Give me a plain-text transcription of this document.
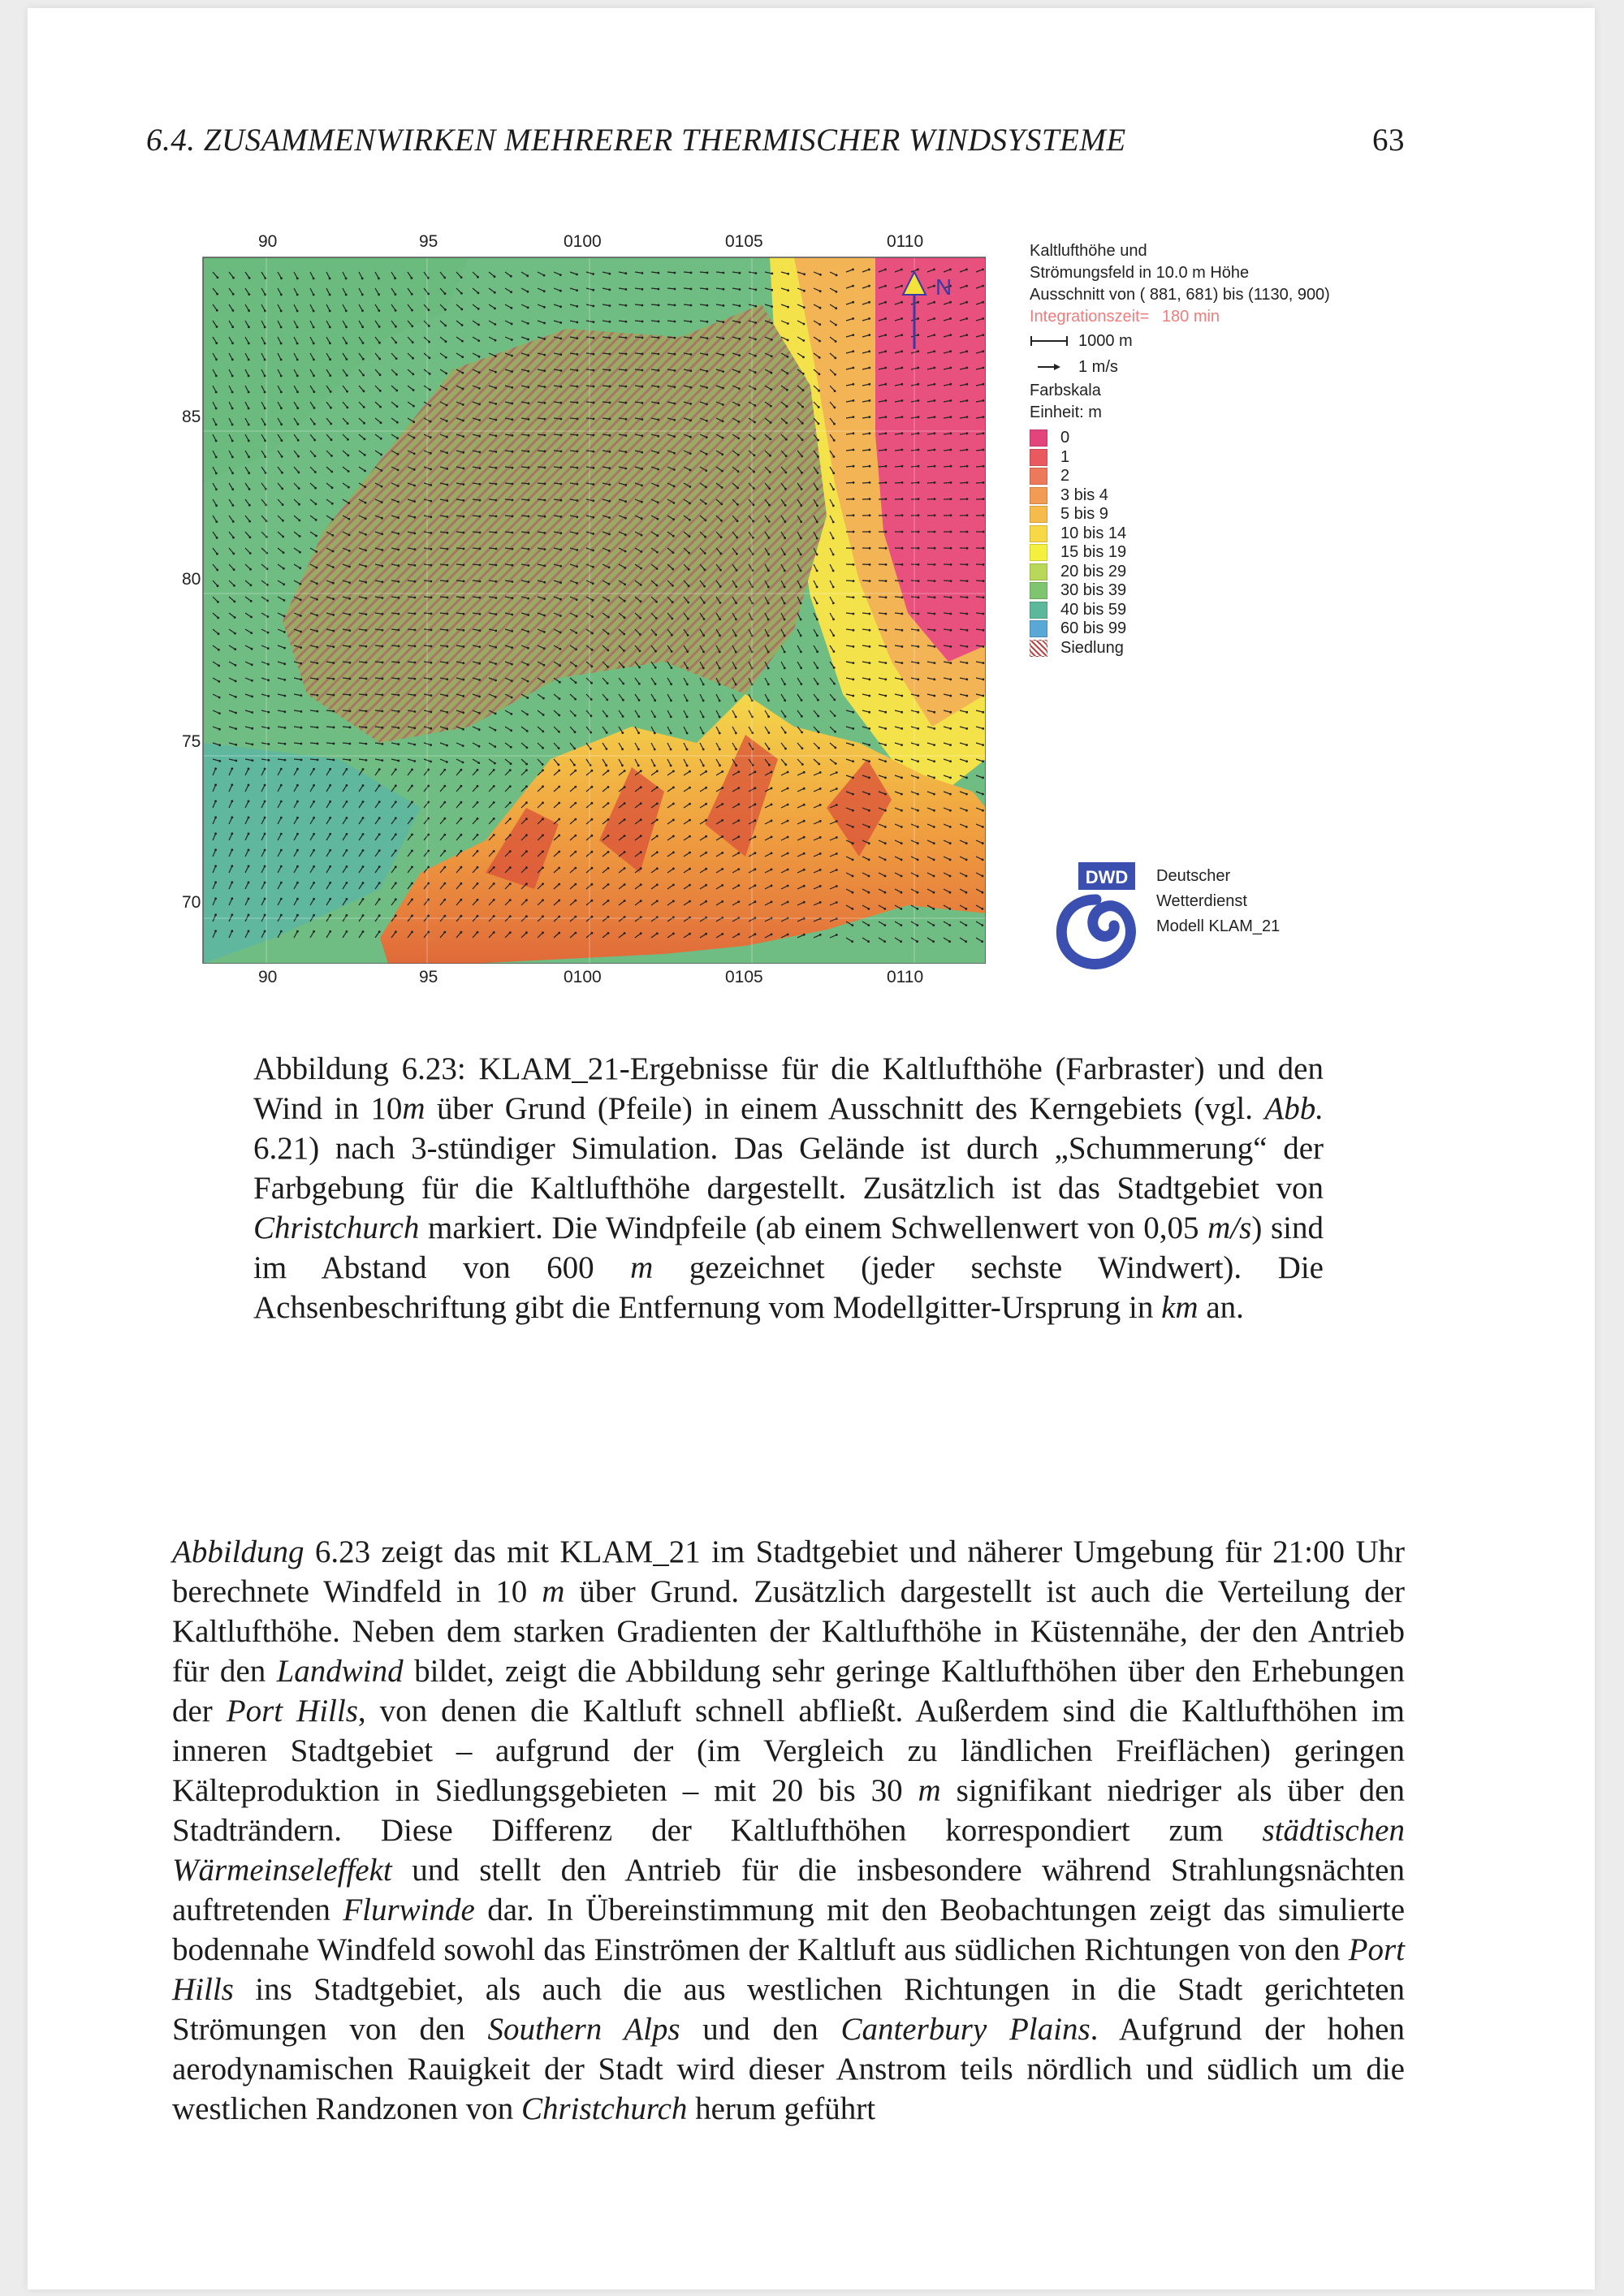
6.4. ZUSAMMENWIRKEN MEHRERER THERMISCHER WINDSYSTEME	63
90	95	0100	0105	0110
90	95	0100	0105	0110
85
80
75
70
N
Kaltlufthöhe und
Strömungsfeld in 10.0 m Höhe
Ausschnitt von ( 881, 681) bis (1130, 900)
Integrationszeit= 180 min
1000 m
1 m/s
Farbskala
Einheit: m
0
1
2
3 bis 4
5 bis 9
10 bis 14
15 bis 19
20 bis 29
30 bis 39
40 bis 59
60 bis 99
Siedlung
DWD Deutscher
Wetterdienst
Modell KLAM_21

Abbildung 6.23: KLAM_21-Ergebnisse für die Kaltlufthöhe (Farbraster) und den Wind in 10m über Grund (Pfeile) in einem Ausschnitt des Kerngebiets (vgl. Abb. 6.21) nach 3-stündiger Simulation. Das Gelände ist durch „Schummerung“ der Farbgebung für die Kaltlufthöhe dargestellt. Zusätzlich ist das Stadtgebiet von Christchurch markiert. Die Windpfeile (ab einem Schwellenwert von 0,05 m/s) sind im Abstand von 600 m gezeichnet (jeder sechste Windwert). Die Achsenbeschriftung gibt die Entfernung vom Modellgitter-Ursprung in km an.

Abbildung 6.23 zeigt das mit KLAM_21 im Stadtgebiet und näherer Umgebung für 21:00 Uhr berechnete Windfeld in 10 m über Grund. Zusätzlich dargestellt ist auch die Verteilung der Kaltlufthöhe. Neben dem starken Gradienten der Kaltlufthöhe in Küstennähe, der den Antrieb für den Landwind bildet, zeigt die Abbildung sehr geringe Kaltlufthöhen über den Erhebungen der Port Hills, von denen die Kaltluft schnell abfließt. Außerdem sind die Kaltlufthöhen im inneren Stadtgebiet – aufgrund der (im Vergleich zu ländlichen Freiflächen) geringen Kälteproduktion in Siedlungsgebieten – mit 20 bis 30 m signifikant niedriger als über den Stadträndern. Diese Differenz der Kaltlufthöhen korrespondiert zum städtischen Wärmeinseleffekt und stellt den Antrieb für die insbesondere während Strahlungsnächten auftretenden Flurwinde dar. In Übereinstimmung mit den Beobachtungen zeigt das simulierte bodennahe Windfeld sowohl das Einströmen der Kaltluft aus südlichen Richtungen von den Port Hills ins Stadtgebiet, als auch die aus westlichen Richtungen in die Stadt gerichteten Strömungen von den Southern Alps und den Canterbury Plains. Aufgrund der hohen aerodynamischen Rauigkeit der Stadt wird dieser Anstrom teils nördlich und südlich um die westlichen Randzonen von Christchurch herum geführt
